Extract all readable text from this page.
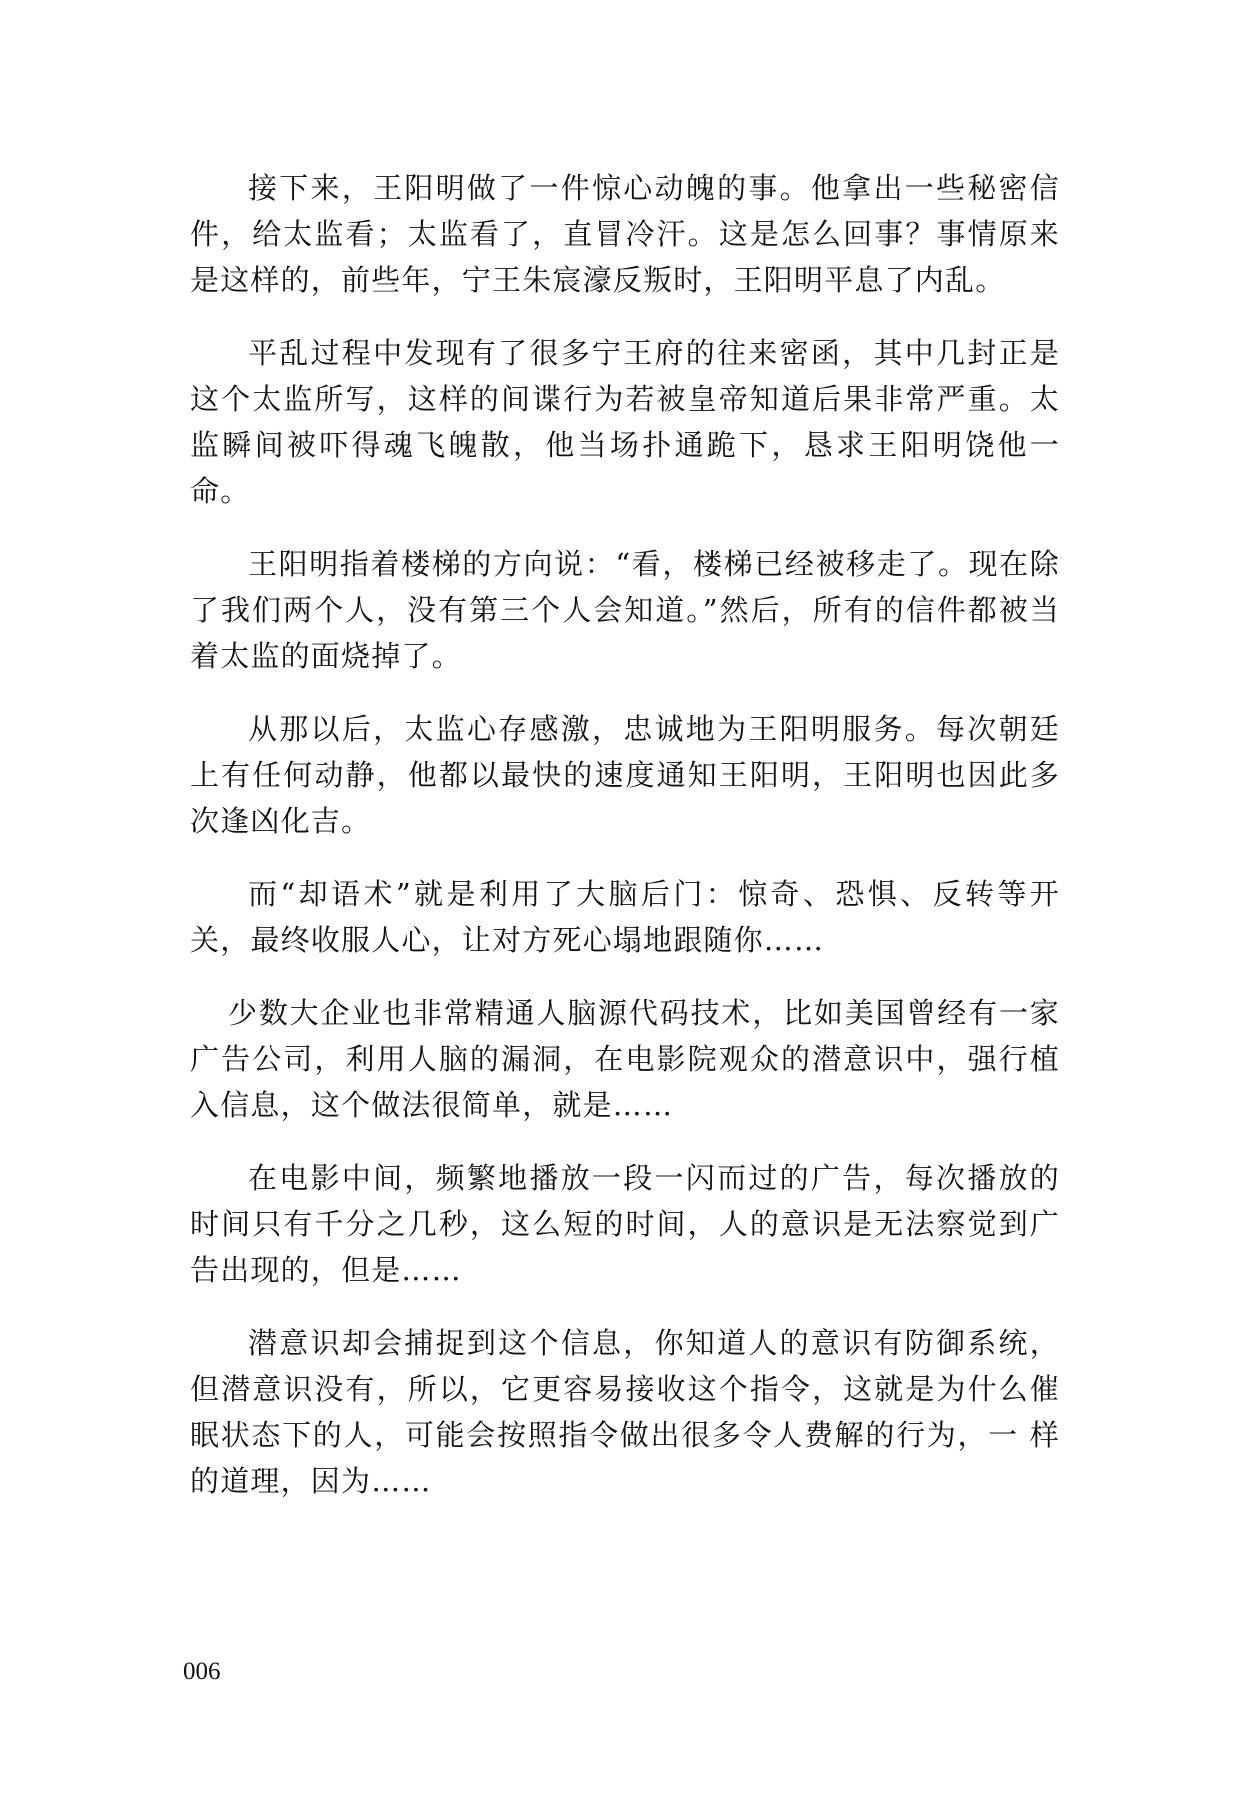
接下来，王阳明做了一件惊心动魄的事。他拿出一些秘密信件，给太监看；太监看了，直冒冷汗。这是怎么回事？事情原来是这样的，前些年，宁王朱宸濠反叛时，王阳明平息了内乱。

平乱过程中发现有了很多宁王府的往来密函，其中几封正是这个太监所写，这样的间谍行为若被皇帝知道后果非常严重。太监瞬间被吓得魂飞魄散，他当场扑通跪下，恳求王阳明饶他一命。

王阳明指着楼梯的方向说：“看，楼梯已经被移走了。现在除了我们两个人，没有第三个人会知道。”然后，所有的信件都被当着太监的面烧掉了。

从那以后，太监心存感激，忠诚地为王阳明服务。每次朝廷上有任何动静，他都以最快的速度通知王阳明，王阳明也因此多次逢凶化吉。

而“却语术”就是利用了大脑后门：惊奇、恐惧、反转等开关，最终收服人心，让对方死心塌地跟随你……

少数大企业也非常精通人脑源代码技术，比如美国曾经有一家广告公司，利用人脑的漏洞，在电影院观众的潜意识中，强行植入信息，这个做法很简单，就是……

在电影中间，频繁地播放一段一闪而过的广告，每次播放的时间只有千分之几秒，这么短的时间，人的意识是无法察觉到广告出现的，但是……

潜意识却会捕捉到这个信息，你知道人的意识有防御系统，但潜意识没有，所以，它更容易接收这个指令，这就是为什么催眠状态下的人，可能会按照指令做出很多令人费解的行为，一 样的道理，因为……

006
